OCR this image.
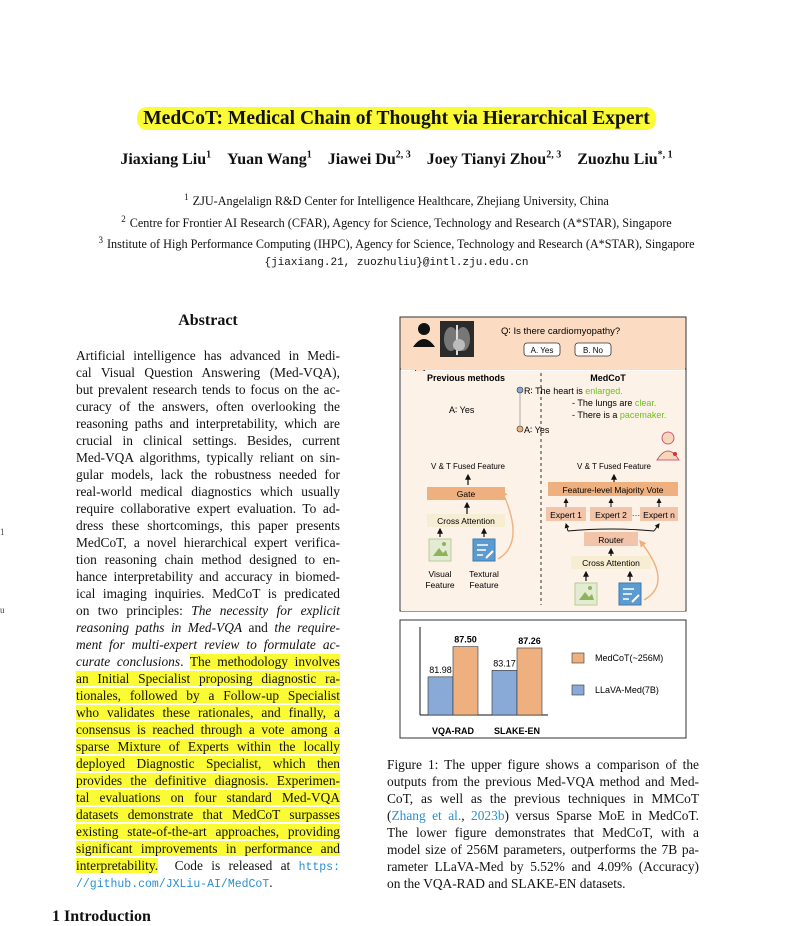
MedCoT: Medical Chain of Thought via Hierarchical Expert
Jiaxiang Liu$^1$ Yuan Wang$^1$ Jiawei Du$^{2, 3}$ Joey Tianyi Zhou$^{2, 3}$ Zuozhu Liu$^{*, 1}$
$^1$ ZJU-Angelalign R&D Center for Intelligence Healthcare, Zhejiang University, China
$^2$ Centre for Frontier AI Research (CFAR), Agency for Science, Technology and Research (A*STAR), Singapore
$^3$ Institute of High Performance Computing (IHPC), Agency for Science, Technology and Research (A*STAR), Singapore
{jiaxiang.21, zuozhuliu}@intl.zju.edu.cn
1
u
Abstract
Artificial intelligence has advanced in Medi-
cal Visual Question Answering (Med-VQA),
but prevalent research tends to focus on the ac-
curacy of the answers, often overlooking the
reasoning paths and interpretability, which are
crucial in clinical settings. Besides, current
Med-VQA algorithms, typically reliant on sin-
gular models, lack the robustness needed for
real-world medical diagnostics which usually
require collaborative expert evaluation. To ad-
dress these shortcomings, this paper presents
MedCoT, a novel hierarchical expert verifica-
tion reasoning chain method designed to en-
hance interpretability and accuracy in biomed-
ical imaging inquiries. MedCoT is predicated
on two principles: The necessity for explicit
reasoning paths in Med-VQA and the require-
ment for multi-expert review to formulate ac-
curate conclusions. The methodology involves
an Initial Specialist proposing diagnostic ra-
tionales, followed by a Follow-up Specialist
who validates these rationales, and finally, a
consensus is reached through a vote among a
sparse Mixture of Experts within the locally
deployed Diagnostic Specialist, which then
provides the definitive diagnosis. Experimen-
tal evaluations on four standard Med-VQA
datasets demonstrate that MedCoT surpasses
existing state-of-the-art approaches, providing
significant improvements in performance and
interpretability. Code is released at https:
//github.com/JXLiu-AI/MedCoT.
1 Introduction
Q∶ Is there cardiomyopathy?
A. Yes	B. No
Previous methods
A∶ Yes
MedCoT
R∶ The heart is enlarged.
- The lungs are clear.
- There is a pacemaker.
A∶ Yes
V & T Fused Feature
Gate
Cross Attention
Visual
Feature
Textural
Feature
V & T Fused Feature
Feature-level Majority Vote
Expert 1 Expert 2 ··· Expert n
Router
Cross Attention
81.98
87.50
VQA-RAD
83.17
87.26
SLAKE-EN
MedCoT(~256M)
LLaVA-Med(7B)
Figure 1: The upper figure shows a comparison of the
outputs from the previous Med-VQA method and Med-
CoT, as well as the previous techniques in MMCoT
(Zhang et al., 2023b) versus Sparse MoE in MedCoT.
The lower figure demonstrates that MedCoT, with a
model size of 256M parameters, outperforms the 7B pa-
rameter LLaVA-Med by 5.52% and 4.09% (Accuracy)
on the VQA-RAD and SLAKE-EN datasets.
